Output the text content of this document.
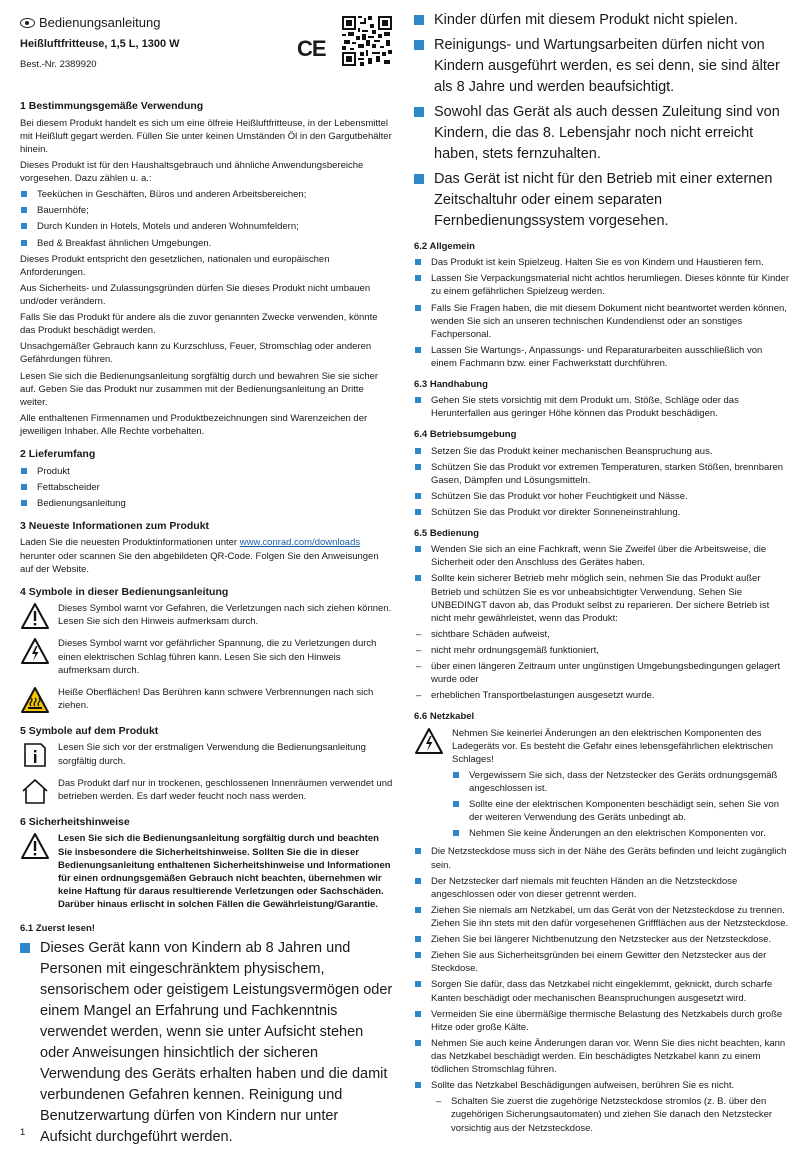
Bedienungsanleitung
Heißluftfritteuse, 1,5 L, 1300 W
Best.-Nr. 2389920
CE
1 Bestimmungsgemäße Verwendung

Bei diesem Produkt handelt es sich um eine ölfreie Heißluftfritteuse, in der Lebensmittel mit Heißluft gegart werden. Füllen Sie unter keinen Umständen Öl in den Gargutbehälter hinein.

Dieses Produkt ist für den Haushaltsgebrauch und ähnliche Anwendungsbereiche vorgesehen. Dazu zählen u. a.:

Teeküchen in Geschäften, Büros und anderen Arbeitsbereichen;
Bauernhöfe;
Durch Kunden in Hotels, Motels und anderen Wohnumfeldern;
Bed & Breakfast ähnlichen Umgebungen.

Dieses Produkt entspricht den gesetzlichen, nationalen und europäischen Anforderungen.

Aus Sicherheits- und Zulassungsgründen dürfen Sie dieses Produkt nicht umbauen und/oder verändern.

Falls Sie das Produkt für andere als die zuvor genannten Zwecke verwenden, könnte das Produkt beschädigt werden.

Unsachgemäßer Gebrauch kann zu Kurzschluss, Feuer, Stromschlag oder anderen Gefährdungen führen.

Lesen Sie sich die Bedienungsanleitung sorgfältig durch und bewahren Sie sie sicher auf. Geben Sie das Produkt nur zusammen mit der Bedienungsanleitung an Dritte weiter.

Alle enthaltenen Firmennamen und Produktbezeichnungen sind Warenzeichen der jeweiligen Inhaber. Alle Rechte vorbehalten.

2 Lieferumfang
Produkt
Fettabscheider
Bedienungsanleitung
3 Neueste Informationen zum Produkt

Laden Sie die neuesten Produktinformationen unter www.conrad.com/downloads herunter oder scannen Sie den abgebildeten QR-Code. Folgen Sie den Anweisungen auf der Website.

4 Symbole in dieser Bedienungsanleitung

Dieses Symbol warnt vor Gefahren, die Verletzungen nach sich ziehen können. Lesen Sie sich den Hinweis aufmerksam durch.

Dieses Symbol warnt vor gefährlicher Spannung, die zu Verletzungen durch einen elektrischen Schlag führen kann. Lesen Sie sich den Hinweis aufmerksam durch.

Heiße Oberflächen! Das Berühren kann schwere Verbrennungen nach sich ziehen.

5 Symbole auf dem Produkt

Lesen Sie sich vor der erstmaligen Verwendung die Bedienungsanleitung sorgfältig durch.

Das Produkt darf nur in trockenen, geschlossenen Innenräumen verwendet und betrieben werden. Es darf weder feucht noch nass werden.

6 Sicherheitshinweise

Lesen Sie sich die Bedienungsanleitung sorgfältig durch und beachten Sie insbesondere die Sicherheitshinweise. Sollten Sie die in dieser Bedienungsanleitung enthaltenen Sicherheitshinweise und Informationen für einen ordnungsgemäßen Gebrauch nicht beachten, übernehmen wir keine Haftung für daraus resultierende Verletzungen oder Sachschäden. Darüber hinaus erlischt in solchen Fällen die Gewährleistung/Garantie.

6.1 Zuerst lesen!
Dieses Gerät kann von Kindern ab 8 Jahren und Personen mit eingeschränktem physischem, sensorischem oder geistigem Leistungsvermögen oder einem Mangel an Erfahrung und Fachkenntnis verwendet werden, wenn sie unter Aufsicht stehen oder Anweisungen hinsichtlich der sicheren Verwendung des Geräts erhalten haben und die damit verbundenen Gefahren kennen. Reinigung und Benutzerwartung dürfen von Kindern nur unter Aufsicht durchgeführt werden.
Kinder dürfen mit diesem Produkt nicht spielen.
Reinigungs- und Wartungsarbeiten dürfen nicht von Kindern ausgeführt werden, es sei denn, sie sind älter als 8 Jahre und werden beaufsichtigt.
Sowohl das Gerät als auch dessen Zuleitung sind von Kindern, die das 8. Lebensjahr noch nicht erreicht haben, stets fernzuhalten.
Das Gerät ist nicht für den Betrieb mit einer externen Zeitschaltuhr oder einem separaten Fernbedienungssystem vorgesehen.
6.2 Allgemein
Das Produkt ist kein Spielzeug. Halten Sie es von Kindern und Haustieren fern.
Lassen Sie Verpackungsmaterial nicht achtlos herumliegen. Dieses könnte für Kinder zu einem gefährlichen Spielzeug werden.
Falls Sie Fragen haben, die mit diesem Dokument nicht beantwortet werden können, wenden Sie sich an unseren technischen Kundendienst oder an sonstiges Fachpersonal.
Lassen Sie Wartungs-, Anpassungs- und Reparaturarbeiten ausschließlich von einem Fachmann bzw. einer Fachwerkstatt durchführen.
6.3 Handhabung
Gehen Sie stets vorsichtig mit dem Produkt um. Stöße, Schläge oder das Herunterfallen aus geringer Höhe können das Produkt beschädigen.
6.4 Betriebsumgebung
Setzen Sie das Produkt keiner mechanischen Beanspruchung aus.
Schützen Sie das Produkt vor extremen Temperaturen, starken Stößen, brennbaren Gasen, Dämpfen und Lösungsmitteln.
Schützen Sie das Produkt vor hoher Feuchtigkeit und Nässe.
Schützen Sie das Produkt vor direkter Sonneneinstrahlung.
6.5 Bedienung
Wenden Sie sich an eine Fachkraft, wenn Sie Zweifel über die Arbeitsweise, die Sicherheit oder den Anschluss des Gerätes haben.
Sollte kein sicherer Betrieb mehr möglich sein, nehmen Sie das Produkt außer Betrieb und schützen Sie es vor unbeabsichtigter Verwendung. Sehen Sie UNBEDINGT davon ab, das Produkt selbst zu reparieren. Der sichere Betrieb ist nicht mehr gewährleistet, wenn das Produkt:
– sichtbare Schäden aufweist,
– nicht mehr ordnungsgemäß funktioniert,
– über einen längeren Zeitraum unter ungünstigen Umgebungsbedingungen gelagert wurde oder
– erheblichen Transportbelastungen ausgesetzt wurde.
6.6 Netzkabel

Nehmen Sie keinerlei Änderungen an den elektrischen Komponenten des Ladegeräts vor. Es besteht die Gefahr eines lebensgefährlichen elektrischen Schlages!

Vergewissern Sie sich, dass der Netzstecker des Geräts ordnungsgemäß angeschlossen ist.
Sollte eine der elektrischen Komponenten beschädigt sein, sehen Sie von der weiteren Verwendung des Geräts unbedingt ab.
Nehmen Sie keine Änderungen an den elektrischen Komponenten vor.
Die Netzsteckdose muss sich in der Nähe des Geräts befinden und leicht zugänglich sein.
Der Netzstecker darf niemals mit feuchten Händen an die Netzsteckdose angeschlossen oder von dieser getrennt werden.
Ziehen Sie niemals am Netzkabel, um das Gerät von der Netzsteckdose zu trennen. Ziehen Sie ihn stets mit den dafür vorgesehenen Griffflächen aus der Netzsteckdose.
Ziehen Sie bei längerer Nichtbenutzung den Netzstecker aus der Netzsteckdose.
Ziehen Sie aus Sicherheitsgründen bei einem Gewitter den Netzstecker aus der Steckdose.
Sorgen Sie dafür, dass das Netzkabel nicht eingeklemmt, geknickt, durch scharfe Kanten beschädigt oder mechanischen Beanspruchungen ausgesetzt wird.
Vermeiden Sie eine übermäßige thermische Belastung des Netzkabels durch große Hitze oder große Kälte.
Nehmen Sie auch keine Änderungen daran vor. Wenn Sie dies nicht beachten, kann das Netzkabel beschädigt werden. Ein beschädigtes Netzkabel kann zu einem tödlichen Stromschlag führen.
Sollte das Netzkabel Beschädigungen aufweisen, berühren Sie es nicht.
– Schalten Sie zuerst die zugehörige Netzsteckdose stromlos (z. B. über den zugehörigen Sicherungsautomaten) und ziehen Sie danach den Netzstecker vorsichtig aus der Netzsteckdose.
1
